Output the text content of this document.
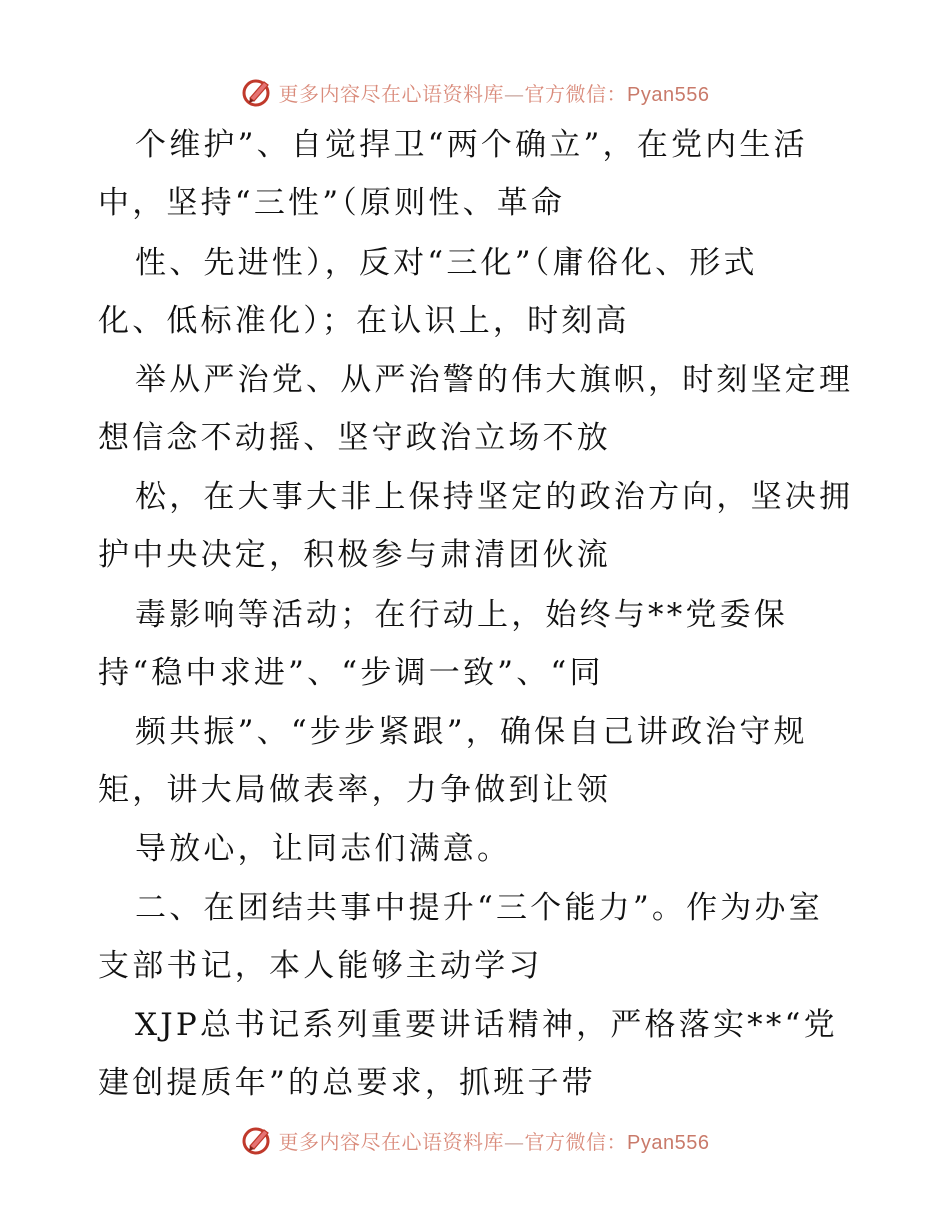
更多内容尽在心语资料库—官方微信：Pyan556
个维护”、自觉捍卫“两个确立”，在党内生活
中，坚持“三性”（原则性、革命
性、先进性），反对“三化”（庸俗化、形式
化、低标准化）；在认识上，时刻高
举从严治党、从严治警的伟大旗帜，时刻坚定理
想信念不动摇、坚守政治立场不放
松，在大事大非上保持坚定的政治方向，坚决拥
护中央决定，积极参与肃清团伙流
毒影响等活动；在行动上，始终与**党委保
持“稳中求进”、“步调一致”、“同
频共振”、“步步紧跟”，确保自己讲政治守规
矩，讲大局做表率，力争做到让领
导放心，让同志们满意。
二、在团结共事中提升“三个能力”。作为办室
支部书记，本人能够主动学习
XJP总书记系列重要讲话精神，严格落实**“党
建创提质年”的总要求，抓班子带
更多内容尽在心语资料库—官方微信：Pyan556
